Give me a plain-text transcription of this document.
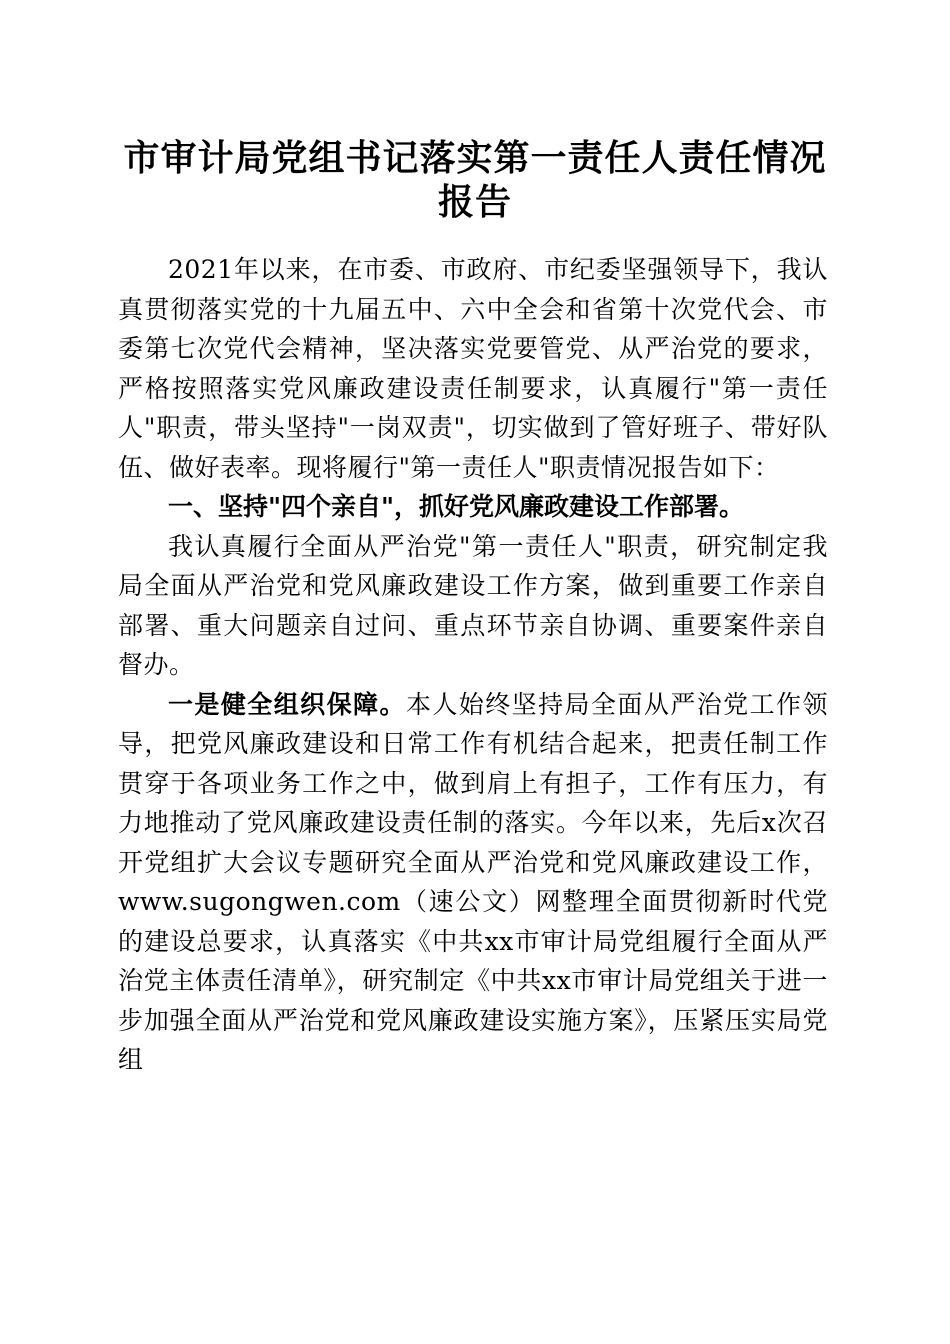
市审计局党组书记落实第一责任人责任情况报告

2021年以来，在市委、市政府、市纪委坚强领导下，我认真贯彻落实党的十九届五中、六中全会和省第十次党代会、市委第七次党代会精神，坚决落实党要管党、从严治党的要求，严格按照落实党风廉政建设责任制要求，认真履行"第一责任人"职责，带头坚持"一岗双责"，切实做到了管好班子、带好队伍、做好表率。现将履行"第一责任人"职责情况报告如下：

一、坚持"四个亲自"，抓好党风廉政建设工作部署。

我认真履行全面从严治党"第一责任人"职责，研究制定我局全面从严治党和党风廉政建设工作方案，做到重要工作亲自部署、重大问题亲自过问、重点环节亲自协调、重要案件亲自督办。

一是健全组织保障。本人始终坚持局全面从严治党工作领导，把党风廉政建设和日常工作有机结合起来，把责任制工作贯穿于各项业务工作之中，做到肩上有担子，工作有压力，有力地推动了党风廉政建设责任制的落实。今年以来，先后x次召开党组扩大会议专题研究全面从严治党和党风廉政建设工作，www.sugongwen.com（速公文）网整理全面贯彻新时代党的建设总要求，认真落实《中共xx市审计局党组履行全面从严治党主体责任清单》，研究制定《中共xx市审计局党组关于进一步加强全面从严治党和党风廉政建设实施方案》，压紧压实局党组
